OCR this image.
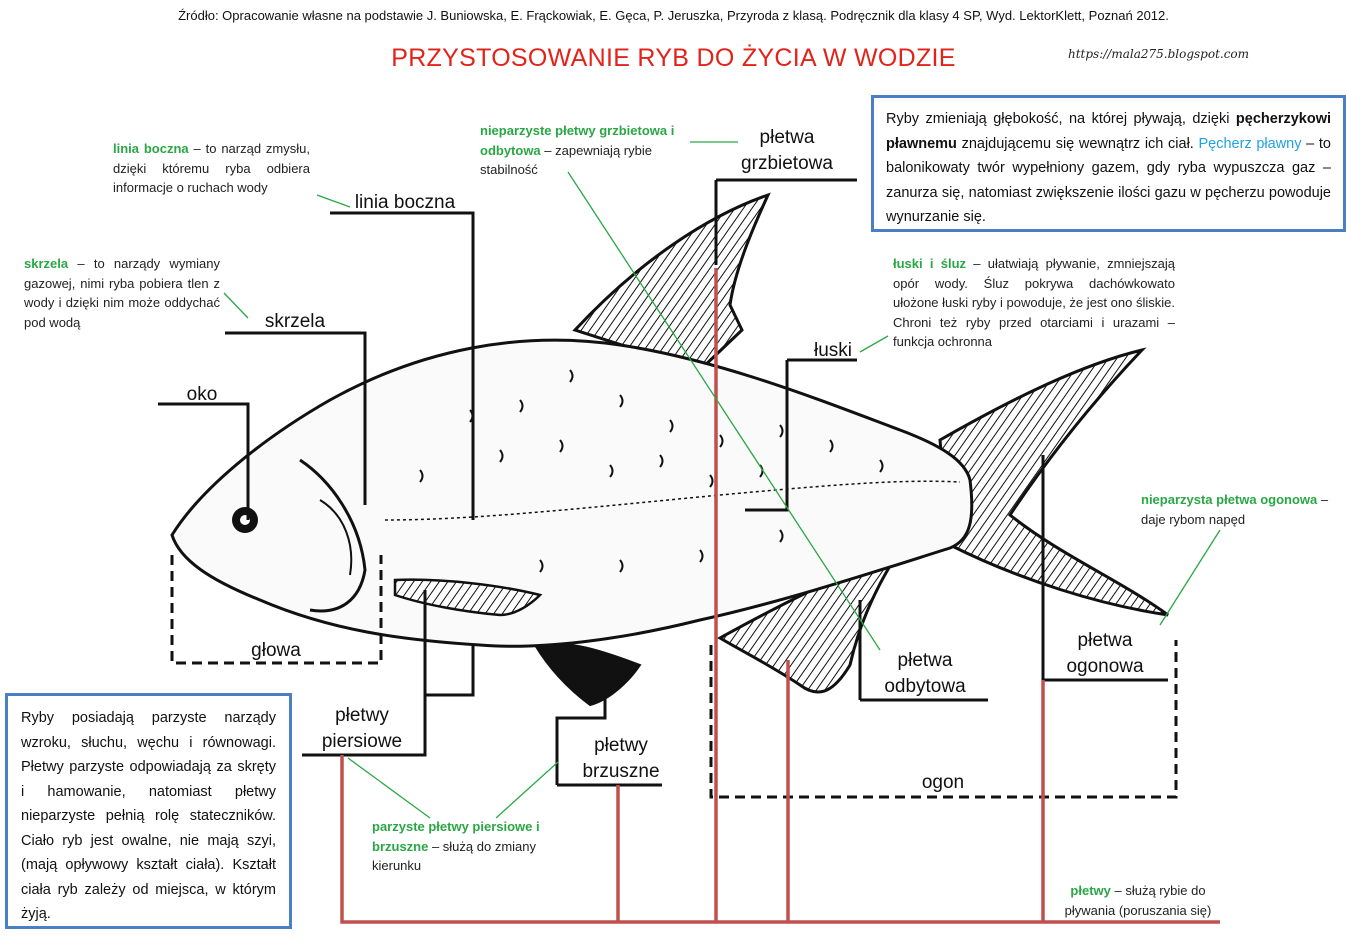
Źródło: Opracowanie własne na podstawie J. Buniowska, E. Frąckowiak, E. Gęca, P. Jeruszka, Przyroda z klasą. Podręcznik dla klasy 4 SP, Wyd. LektorKlett, Poznań 2012.
PRZYSTOSOWANIE RYB DO ŻYCIA W WODZIE	https://mala275.blogspot.com
oko
skrzela
linia boczna
płetwa
grzbietowa
łuski
głowa
płetwy
piersiowe	płetwy
brzuszne
płetwa
odbytowa
płetwa
ogonowa
ogon
linia boczna – to narząd zmysłu, dzięki któremu ryba odbiera informacje o ruchach wody
skrzela – to narządy wymiany gazowej, nimi ryba pobiera tlen z wody i dzięki nim może oddychać pod wodą
nieparzyste płetwy grzbietowa i odbytowa – zapewniają rybie stabilność
łuski i śluz – ułatwiają pływanie, zmniejszają opór wody. Śluz pokrywa dachówkowato ułożone łuski ryby i powoduje, że jest ono śliskie. Chroni też ryby przed otarciami i urazami – funkcja ochronna
nieparzysta płetwa ogonowa – daje rybom napęd
parzyste płetwy piersiowe i brzuszne – służą do zmiany kierunku
płetwy – służą rybie do pływania (poruszania się)
Ryby zmieniają głębokość, na której pływają, dzięki pęcherzykowi pławnemu znajdującemu się wewnątrz ich ciał. Pęcherz pławny – to balonikowaty twór wypełniony gazem, gdy ryba wypuszcza gaz – zanurza się, natomiast zwiększenie ilości gazu w pęcherzu powoduje wynurzanie się.
Ryby posiadają parzyste narządy wzroku, słuchu, węchu i równowagi. Płetwy parzyste odpowiadają za skręty i hamowanie, natomiast płetwy nieparzyste pełnią rolę stateczników. Ciało ryb jest owalne, nie mają szyi, (mają opływowy kształt ciała). Kształt ciała ryb zależy od miejsca, w którym żyją.
